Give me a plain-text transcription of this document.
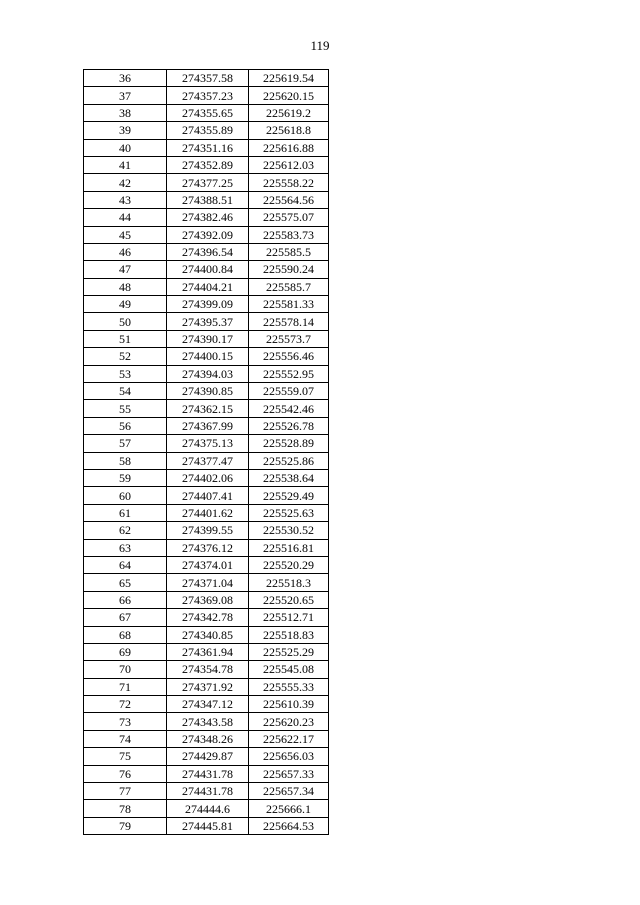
119
36	274357.58	225619.54
37	274357.23	225620.15
38	274355.65	225619.2
39	274355.89	225618.8
40	274351.16	225616.88
41	274352.89	225612.03
42	274377.25	225558.22
43	274388.51	225564.56
44	274382.46	225575.07
45	274392.09	225583.73
46	274396.54	225585.5
47	274400.84	225590.24
48	274404.21	225585.7
49	274399.09	225581.33
50	274395.37	225578.14
51	274390.17	225573.7
52	274400.15	225556.46
53	274394.03	225552.95
54	274390.85	225559.07
55	274362.15	225542.46
56	274367.99	225526.78
57	274375.13	225528.89
58	274377.47	225525.86
59	274402.06	225538.64
60	274407.41	225529.49
61	274401.62	225525.63
62	274399.55	225530.52
63	274376.12	225516.81
64	274374.01	225520.29
65	274371.04	225518.3
66	274369.08	225520.65
67	274342.78	225512.71
68	274340.85	225518.83
69	274361.94	225525.29
70	274354.78	225545.08
71	274371.92	225555.33
72	274347.12	225610.39
73	274343.58	225620.23
74	274348.26	225622.17
75	274429.87	225656.03
76	274431.78	225657.33
77	274431.78	225657.34
78	274444.6	225666.1
79	274445.81	225664.53
